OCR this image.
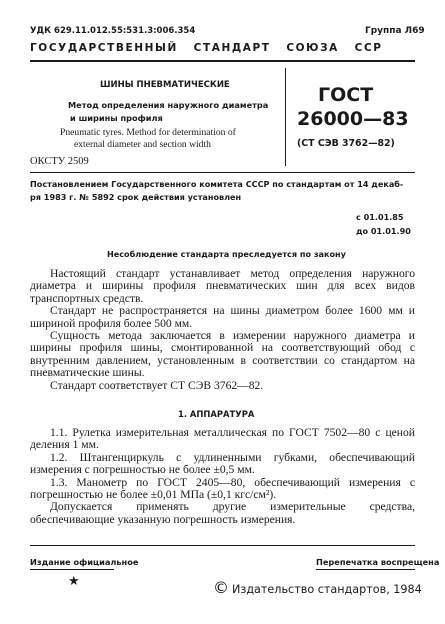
УДК 629.11.012.55:531.3:006.354	Группа Л69
ГОСУДАРСТВЕННЫЙ   СТАНДАРТ   СОЮЗА   ССР
ШИНЫ ПНЕВМАТИЧЕСКИЕ
Метод определения наружного диаметра
и ширины профиля
Pneumatic tyres. Method for determination of
external diameter and section width
ГОСТ
26000—83
(СТ СЭВ 3762—82)
ОКСТУ 2509
Постановлением Государственного комитета СССР по стандартам от 14 декаб-
ря 1983 г. № 5892 срок действия установлен
с 01.01.85
до 01.01.90
Несоблюдение стандарта преследуется по закону

Настоящий стандарт устанавливает метод определения наружного диаметра и ширины профиля пневматических шин для всех видов транспортных средств.

Стандарт не распространяется на шины диаметром более 1600 мм и шириной профиля более 500 мм.

Сущность метода заключается в измерении наружного диаметра и ширины профиля шины, смонтированной на соответствующий обод с внутренним давлением, установленным в соответствии со стандартом на пневматические шины.

Стандарт соответствует СТ СЭВ 3762—82.

1. АППАРАТУРА

1.1. Рулетка измерительная металлическая по ГОСТ 7502—80 с ценой деления 1 мм.

1.2. Штангенциркуль с удлиненными губками, обеспечивающий измерения с погрешностью не более ±0,5 мм.

1.3. Манометр по ГОСТ 2405—80, обеспечивающий измерения с погрешностью не более ±0,01 МПа (±0,1 кгс/см²).

Допускается применять другие измерительные средства, обеспечивающие указанную погрешность измерения.

Издание официальное	Перепечатка воспрещена
★	© Издательство стандартов, 1984
